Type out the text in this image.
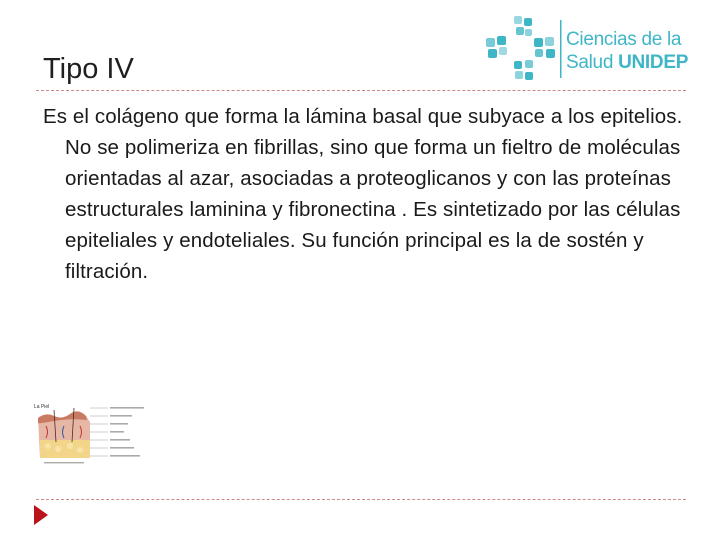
Tipo IV
Ciencias de la
Salud UNIDEP

Es el colágeno que forma la lámina basal que subyace a los epitelios. No se polimeriza en fibrillas, sino que forma un fieltro de moléculas orientadas al azar, asociadas a proteoglicanos y con las proteínas estructurales laminina y fibronectina . Es sintetizado por las células epiteliales y endoteliales. Su función principal es la de sostén y filtración.

La Piel
